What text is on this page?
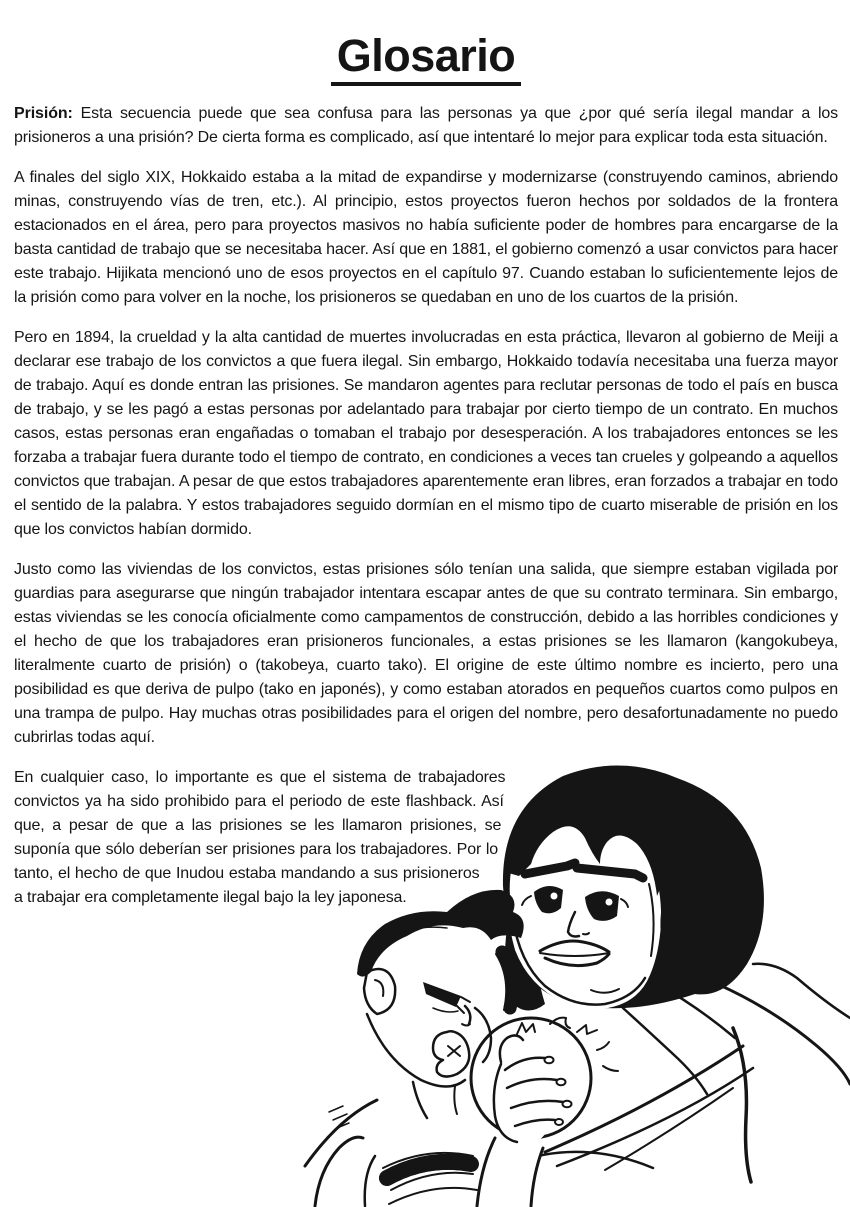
Glosario

Prisión: Esta secuencia puede que sea confusa para las personas ya que ¿por qué sería ilegal mandar a los prisioneros a una prisión? De cierta forma es complicado, así que intentaré lo mejor para explicar toda esta situación.

A finales del siglo XIX, Hokkaido estaba a la mitad de expandirse y modernizarse (construyendo caminos, abriendo minas, construyendo vías de tren, etc.). Al principio, estos proyectos fueron hechos por soldados de la frontera estacionados en el área, pero para proyectos masivos no había suficiente poder de hombres para encargarse de la basta cantidad de trabajo que se necesitaba hacer. Así que en 1881, el gobierno comenzó a usar convictos para hacer este trabajo. Hijikata mencionó uno de esos proyectos en el capítulo 97. Cuando estaban lo suficientemente lejos de la prisión como para volver en la noche, los prisioneros se quedaban en uno de los cuartos de la prisión.

Pero en 1894, la crueldad y la alta cantidad de muertes involucradas en esta práctica, llevaron al gobierno de Meiji a declarar ese trabajo de los convictos a que fuera ilegal. Sin embargo, Hokkaido todavía necesitaba una fuerza mayor de trabajo. Aquí es donde entran las prisiones. Se mandaron agentes para reclutar personas de todo el país en busca de trabajo, y se les pagó a estas personas por adelantado para trabajar por cierto tiempo de un contrato. En muchos casos, estas personas eran engañadas o tomaban el trabajo por desesperación. A los trabajadores entonces se les forzaba a trabajar fuera durante todo el tiempo de contrato, en condiciones a veces tan crueles y golpeando a aquellos convictos que trabajan. A pesar de que estos trabajadores aparentemente eran libres, eran forzados a trabajar en todo el sentido de la palabra. Y estos trabajadores seguido dormían en el mismo tipo de cuarto miserable de prisión en los que los convictos habían dormido.

Justo como las viviendas de los convictos, estas prisiones sólo tenían una salida, que siempre estaban vigilada por guardias para asegurarse que ningún trabajador intentara escapar antes de que su contrato terminara. Sin embargo, estas viviendas se les conocía oficialmente como campamentos de construcción, debido a las horribles condiciones y el hecho de que los trabajadores eran prisioneros funcionales, a estas prisiones se les llamaron (kangokubeya, literalmente cuarto de prisión) o (takobeya, cuarto tako). El origine de este último nombre es incierto, pero una posibilidad es que deriva de pulpo (tako en japonés), y como estaban atorados en pequeños cuartos como pulpos en una trampa de pulpo. Hay muchas otras posibilidades para el origen del nombre, pero desafortunadamente no puedo cubrirlas todas aquí.

En cualquier caso, lo importante es que el sistema de trabajadores convictos ya ha sido prohibido para el periodo de este flashback. Así que, a pesar de que a las prisiones se les llamaron prisiones, se suponía que sólo deberían ser prisiones para los trabajadores. Por lo tanto, el hecho de que Inudou estaba mandando a sus prisioneros a trabajar era completamente ilegal bajo la ley japonesa.
